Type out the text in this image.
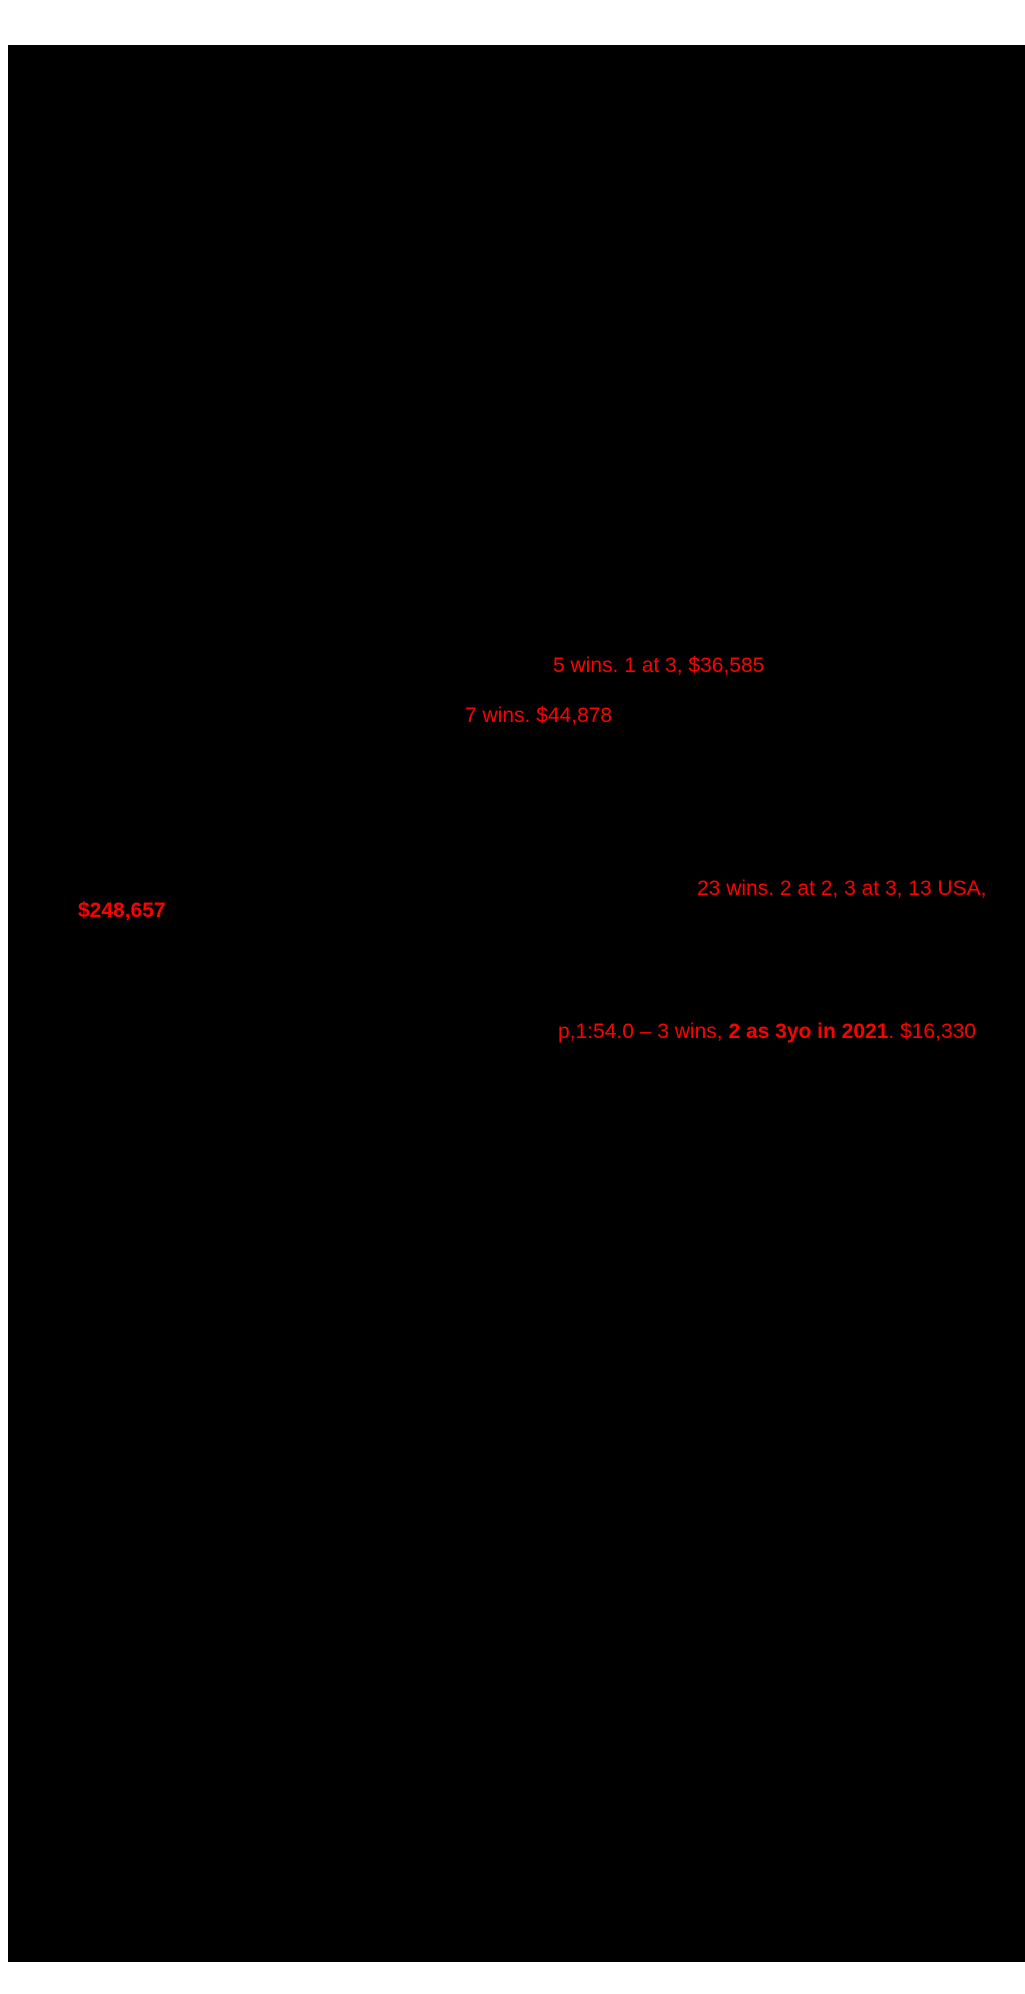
5 wins. 1 at 3, $36,585
7 wins. $44,878
23 wins. 2 at 2, 3 at 3, 13 USA,
$248,657
p,1:54.0 – 3 wins, 2 as 3yo in 2021. $16,330
